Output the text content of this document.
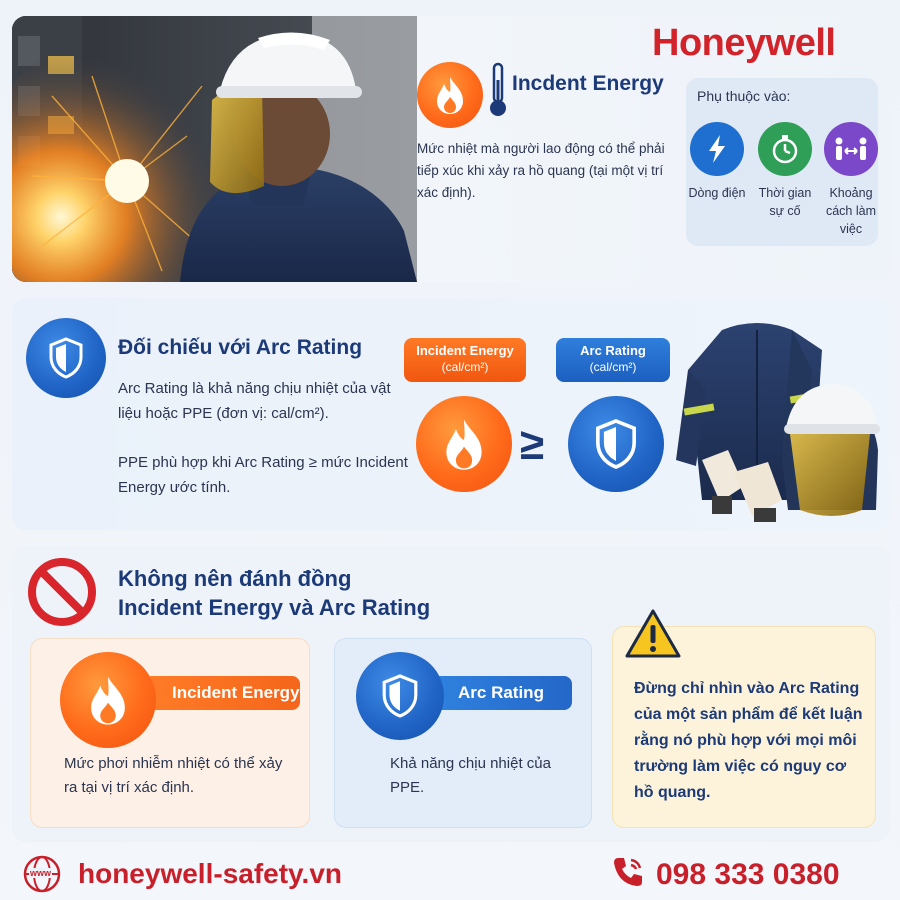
Honeywell
Incdent Energy
Mức nhiệt mà người lao động có thể phải tiếp xúc khi xảy ra hồ quang (tại một vị trí xác định).
Phụ thuộc vào:
Dòng điện	Thời gian sự cố
Khoảng cách làm việc
Đối chiếu với Arc Rating
Arc Rating là khả năng chịu nhiệt của vật liệu hoặc PPE (đơn vị: cal/cm²).
PPE phù hợp khi Arc Rating ≥ mức Incident Energy ước tính.
Incident Energy
(cal/cm²)
Arc Rating
(cal/cm²)
≥
Không nên đánh đồng
Incident Energy và Arc Rating
Incident Energy
Mức phơi nhiễm nhiệt có thể xảy ra tại vị trí xác định.
Arc Rating
Khả năng chịu nhiệt của PPE.
Đừng chỉ nhìn vào Arc Rating của một sản phẩm để kết luận rằng nó phù hợp với mọi môi trường làm việc có nguy cơ hồ quang.
www honeywell-safety.vn	098 333 0380
